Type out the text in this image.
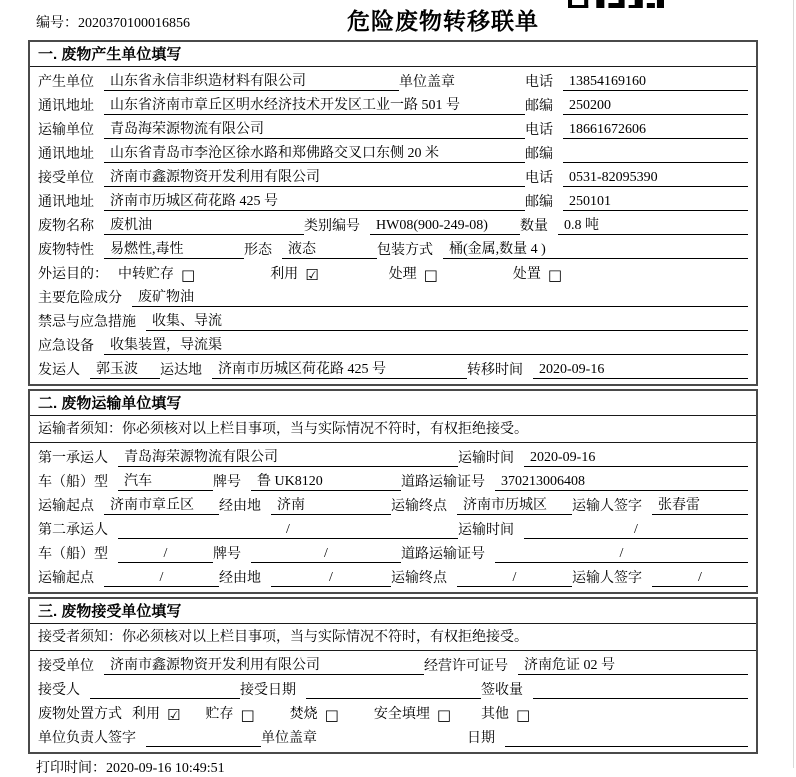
编号：2020370100016856	危险废物转移联单
一. 废物产生单位填写
产生单位	山东省永信非织造材料有限公司	单位盖章	电话	13854169160
通讯地址	山东省济南市章丘区明水经济技术开发区工业一路 501 号	邮编	250200
运输单位	青岛海荣源物流有限公司	电话	18661672606
通讯地址	山东省青岛市李沧区徐水路和郑佛路交叉口东侧 20 米	邮编
接受单位	济南市鑫源物资开发利用有限公司	电话	0531-82095390
通讯地址	济南市历城区荷花路 425 号	邮编	250101
废物名称	废机油	类别编号	HW08(900-249-08)	数量	0.8 吨
废物特性	易燃性,毒性	形态	液态	包装方式	桶(金属,数量 4 )
外运目的： 中转贮存 □	利用 ☑	处理 □	处置 □
主要危险成分	废矿物油
禁忌与应急措施	收集、导流
应急设备	收集装置，导流渠
发运人	郭玉波	运达地	济南市历城区荷花路 425 号	转移时间	2020-09-16
二. 废物运输单位填写
运输者须知：你必须核对以上栏目事项，当与实际情况不符时，有权拒绝接受。
第一承运人	青岛海荣源物流有限公司	运输时间	2020-09-16
车（船）型	汽车	牌号	鲁 UK8120	道路运输证号	370213006408
运输起点	济南市章丘区	经由地	济南	运输终点	济南市历城区	运输人签字	张春雷
第二承运人	/	运输时间	/
车（船）型	/	牌号	/	道路运输证号	/
运输起点	/	经由地	/	运输终点	/	运输人签字	/
三. 废物接受单位填写
接受者须知：你必须核对以上栏目事项，当与实际情况不符时，有权拒绝接受。
接受单位	济南市鑫源物资开发利用有限公司	经营许可证号	济南危证 02 号
接受人	接受日期	签收量
废物处置方式 利用 ☑ 贮存 □	焚烧 □	安全填埋 □ 其他 □
单位负责人签字	单位盖章	日期
打印时间：2020-09-16 10:49:51
